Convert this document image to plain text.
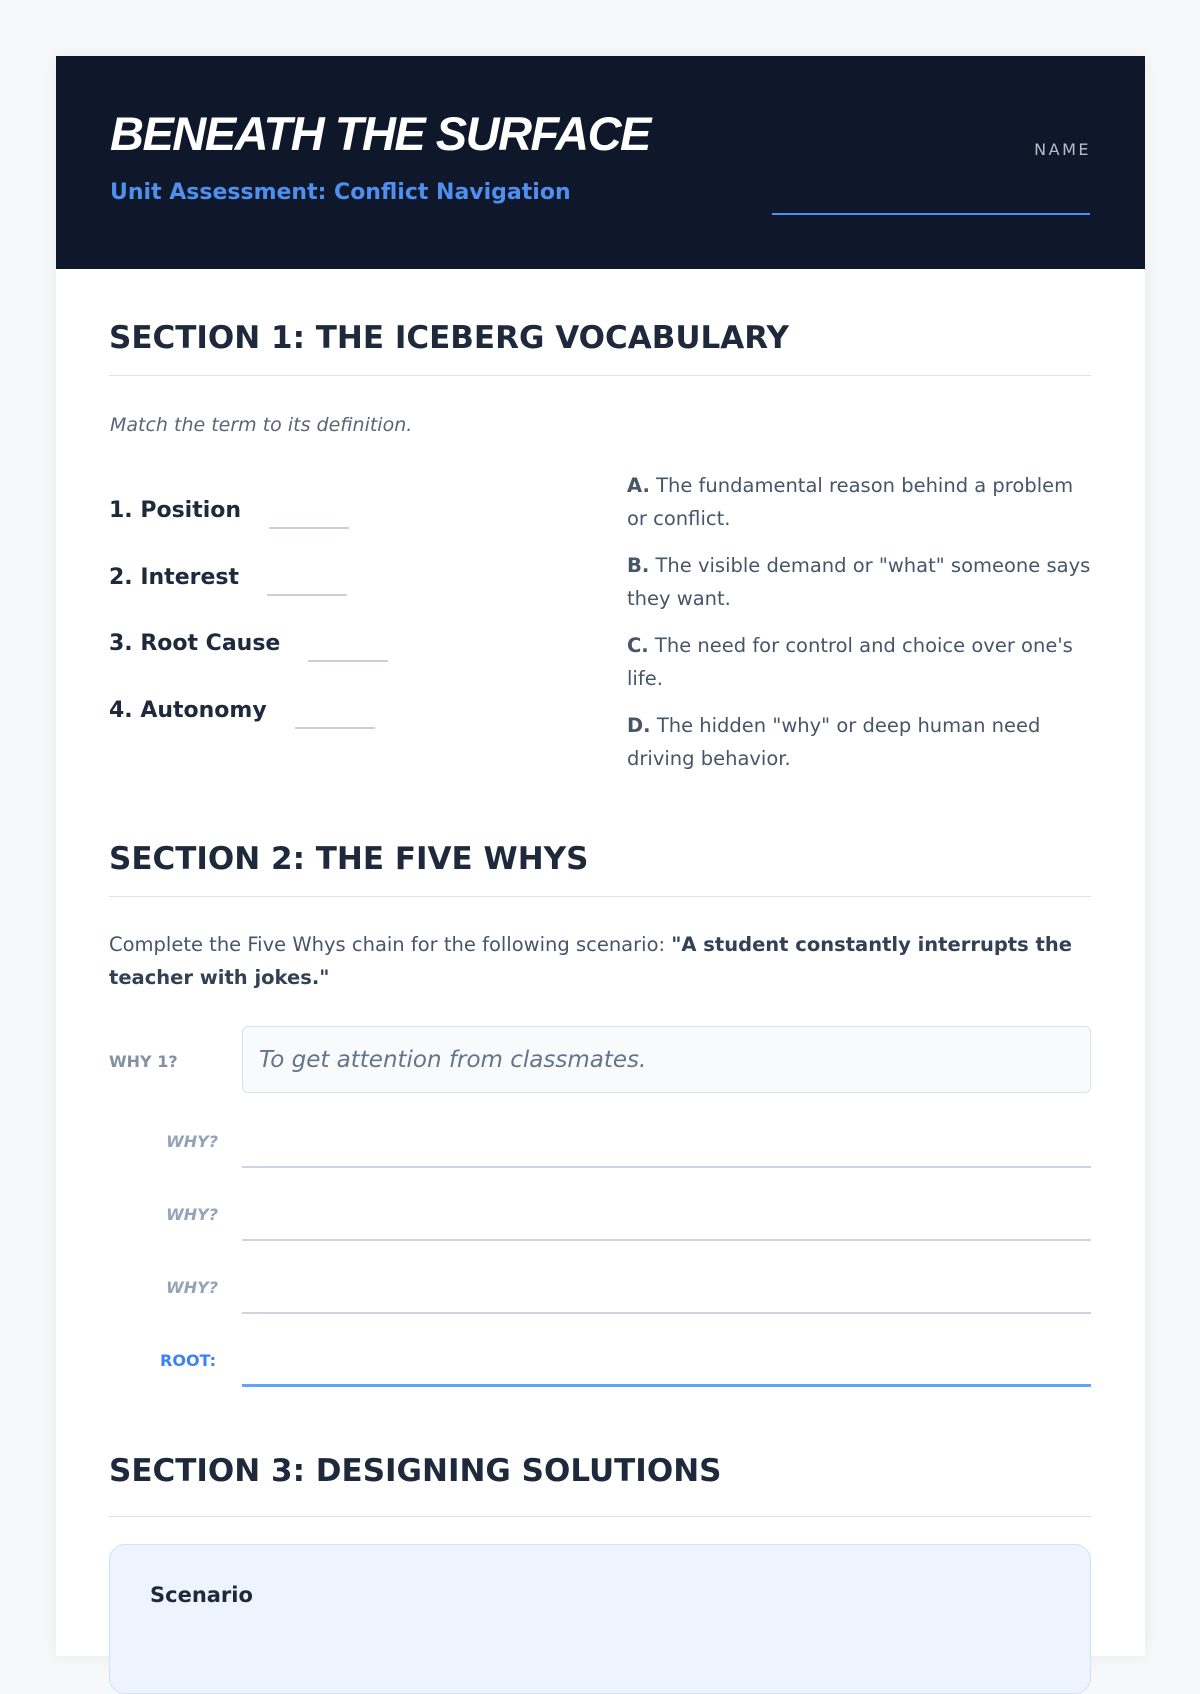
BENEATH THE SURFACE
Unit Assessment: Conflict Navigation
NAME
SECTION 1: THE ICEBERG VOCABULARY
Match the term to its definition.
1. Position
2. Interest
3. Root Cause
4. Autonomy
A. The fundamental reason behind a problem or conflict.
B. The visible demand or "what" someone says they want.
C. The need for control and choice over one's life.
D. The hidden "why" or deep human need driving behavior.
SECTION 2: THE FIVE WHYS
Complete the Five Whys chain for the following scenario: "A student constantly interrupts the teacher with jokes."
WHY 1?	To get attention from classmates.
WHY?
WHY?
WHY?
ROOT:
SECTION 3: DESIGNING SOLUTIONS
Scenario
